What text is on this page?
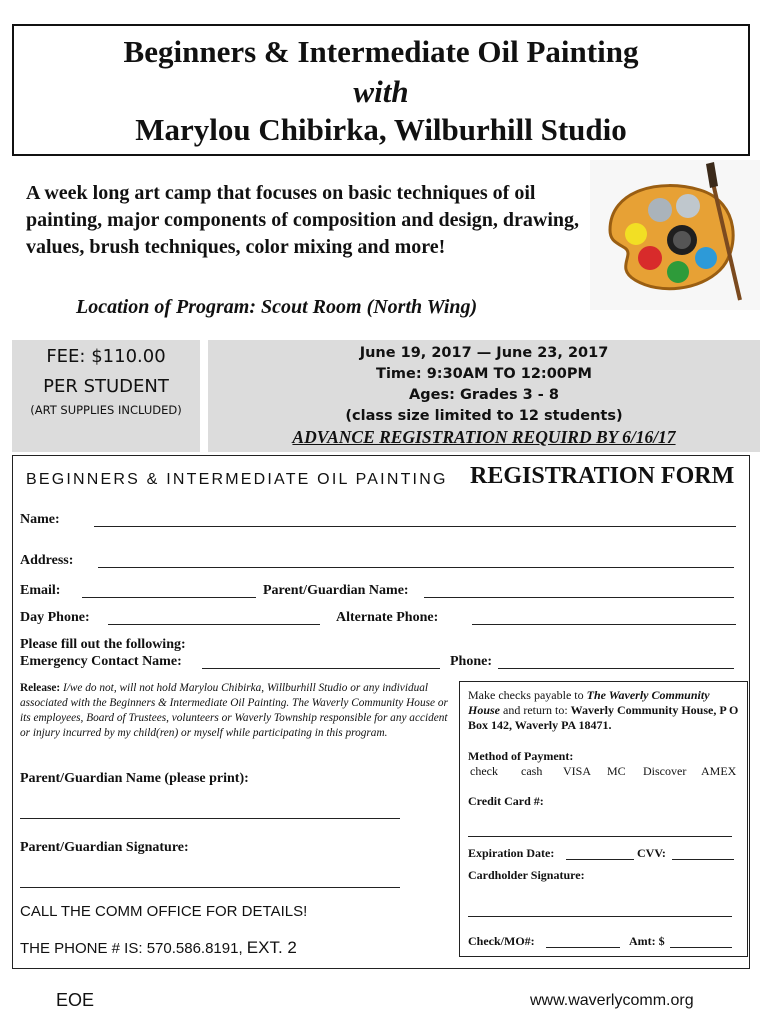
Beginners & Intermediate Oil Painting
with
Marylou Chibirka, Wilburhill Studio
A week long art camp that focuses on basic techniques of oil painting, major components of composition and design, drawing, values, brush techniques, color mixing and more!
Location of Program: Scout Room (North Wing)
FEE: $110.00
PER STUDENT
(ART SUPPLIES INCLUDED)
June 19, 2017 — June 23, 2017
Time: 9:30AM TO 12:00PM
Ages: Grades 3 - 8
(class size limited to 12 students)
ADVANCE REGISTRATION REQUIRD BY 6/16/17
BEGINNERS & INTERMEDIATE OIL PAINTING REGISTRATION FORM
Name:
Address:
Email:	Parent/Guardian Name:
Day Phone:	Alternate Phone:
Please fill out the following:
Emergency Contact Name:	Phone:
Release: I/we do not, will not hold Marylou Chibirka, Willburhill Studio or any individual associated with the Beginners & Intermediate Oil Painting. The Waverly Community House or its employees, Board of Trustees, volunteers or Waverly Township responsible for any accident or injury incurred by my child(ren) or myself while participating in this program.
Parent/Guardian Name (please print):
Parent/Guardian Signature:
CALL THE COMM OFFICE FOR DETAILS!
THE PHONE # IS: 570.586.8191, EXT. 2
Make checks payable to The Waverly Community House and return to: Waverly Community House, P O Box 142, Waverly PA 18471.
Method of Payment:
check cash VISA MC Discover AMEX
Credit Card #:
Expiration Date:	CVV:
Cardholder Signature:
Check/MO#:	Amt: $
EOE	www.waverlycomm.org
